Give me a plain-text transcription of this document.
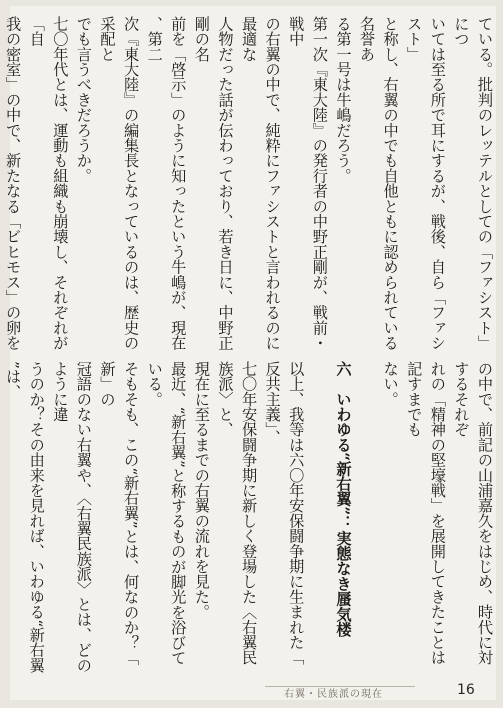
ている。批判のレッテルとしての「ファシスト」につ
いては至る所で耳にするが、戦後、自ら「ファシスト」
と称し、右翼の中でも自他ともに認められている名誉あ
る第一号は牛嶋だろう。
第一次『東大陸』の発行者の中野正剛が、戦前・戦中
の右翼の中で、純粋にファシストと言われるのに最適な
人物だった話が伝わっており、若き日に、中野正剛の名
前を「啓示」のように知ったという牛嶋が、現在、第二
次『東大陸』の編集長となっているのは、歴史の采配と
でも言うべきだろうか。
七〇年代とは、運動も組織も崩壊し、それぞれが「自
我の密室」の中で、新たなる「ビヒモス」の卵を
の中で、前記の山浦嘉久をはじめ、時代に対するそれぞ
れの「精神の堅壕戦」を展開してきたことは記すまでも
ない。

六　いわゆる“新右翼”：実態なき蜃気楼

以上、我等は六〇年安保闘争期に生まれた「反共主義」、
七〇年安保闘争期に新しく登場した〈右翼民族派〉と、
現在に至るまでの右翼の流れを見た。
最近、“新右翼”と称するものが脚光を浴びている。
そもそも、この“新右翼”とは、何なのか？「新」の
冠語のない右翼や、〈右翼民族派〉とは、どのように違
うのか？その由来を見れば、いわゆる“新右翼”は、
右翼・民族派の現在	16
